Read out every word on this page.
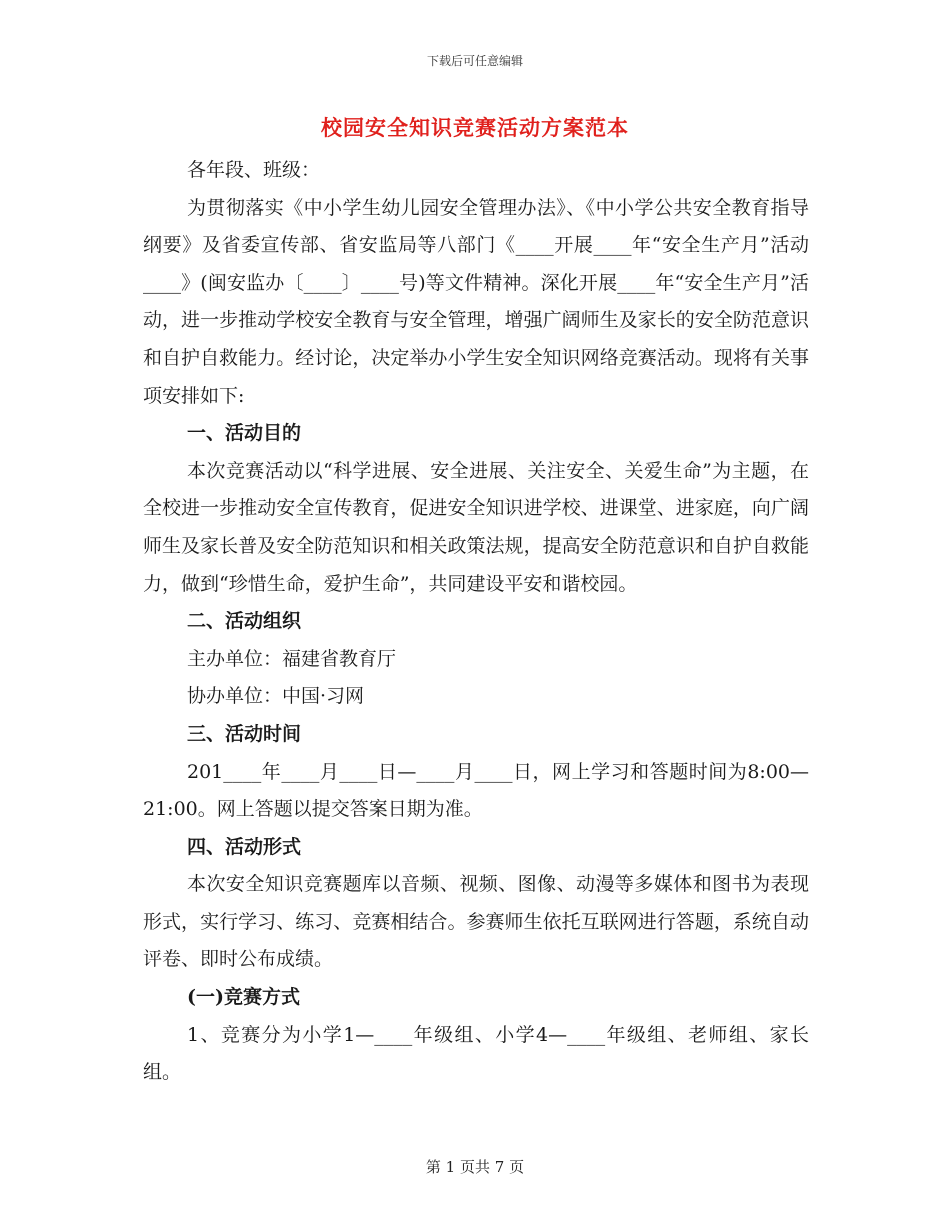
下载后可任意编辑
校园安全知识竞赛活动方案范本

各年段、班级：

为贯彻落实《中小学生幼儿园安全管理办法》、《中小学公共安全教育指导纲要》及省委宣传部、省安监局等八部门《____开展____年“安全生产月”活动____》(闽安监办〔____〕____号)等文件精神。深化开展____年“安全生产月”活动，进一步推动学校安全教育与安全管理，增强广阔师生及家长的安全防范意识和自护自救能力。经讨论，决定举办小学生安全知识网络竞赛活动。现将有关事项安排如下:

一、活动目的

本次竞赛活动以“科学进展、安全进展、关注安全、关爱生命”为主题，在全校进一步推动安全宣传教育，促进安全知识进学校、进课堂、进家庭，向广阔师生及家长普及安全防范知识和相关政策法规，提高安全防范意识和自护自救能力，做到“珍惜生命，爱护生命”，共同建设平安和谐校园。

二、活动组织

主办单位：福建省教育厅

协办单位：中国·习网

三、活动时间

201____年____月____日—____月____日，网上学习和答题时间为8:00—21:00。网上答题以提交答案日期为准。

四、活动形式

本次安全知识竞赛题库以音频、视频、图像、动漫等多媒体和图书为表现形式，实行学习、练习、竞赛相结合。参赛师生依托互联网进行答题，系统自动评卷、即时公布成绩。

(一)竞赛方式

1、竞赛分为小学1—____年级组、小学4—____年级组、老师组、家长组。

第 1 页共 7 页
